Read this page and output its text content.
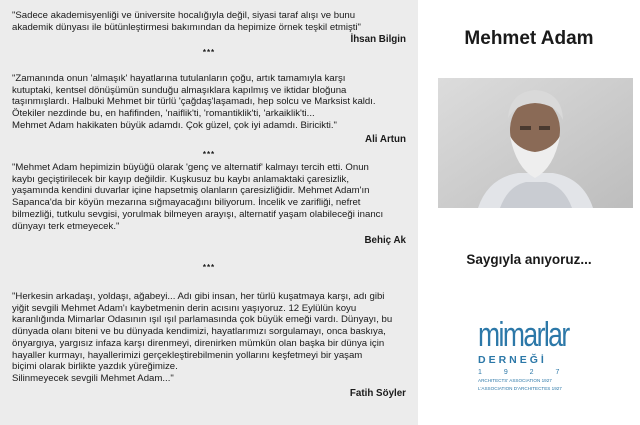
"Sadece akademisyenliği ve üniversite hocalığıyla değil, siyasi taraf alışı ve bunu
akademik dünyası ile bütünleştirmesi bakımından da hepimize örnek teşkil etmişti"
İhsan Bilgin
***
"Zamanında onun 'almaşık' hayatlarına tutulanların çoğu, artık tamamıyla karşı
kutuptaki, kentsel dönüşümün sunduğu almaşıklara kapılmış ve iktidar bloğuna
taşınmışlardı. Halbuki Mehmet bir türlü 'çağdaş'laşamadı, hep solcu ve Marksist kaldı.
Ötekiler nezdinde bu, en hafifinden, 'naiflik'ti, 'romantiklik'ti, 'arkaiklik'ti...
Mehmet Adam hakikaten büyük adamdı. Çok güzel, çok iyi adamdı. Biricikti."
Ali Artun
***
"Mehmet Adam hepimizin büyüğü olarak 'genç ve alternatif' kalmayı tercih etti. Onun
kaybı geçiştirilecek bir kayıp değildir. Kuşkusuz bu kaybı anlamaktaki çaresizlik,
yaşamında kendini duvarlar içine hapsetmiş olanların çaresizliğidir. Mehmet Adam'ın
Sapanca'da bir köyün mezarına sığmayacağını biliyorum. İncelik ve zarifliği, nefret
bilmezliği, tutkulu sevgisi, yorulmak bilmeyen arayışı, alternatif yaşam olabileceği inancı
dünyayı terk etmeyecek."
Behiç Ak
***
"Herkesin arkadaşı, yoldaşı, ağabeyi... Adı gibi insan, her türlü kuşatmaya karşı, adı gibi
yiğit sevgili Mehmet Adam'ı kaybetmenin derin acısını yaşıyoruz. 12 Eylülün koyu
karanlığında Mimarlar Odasının ışıl ışıl parlamasında çok büyük emeği vardı. Dünyayı, bu
dünyada olanı biteni ve bu dünyada kendimizi, hayatlarımızı sorgulamayı, onca baskıya,
önyargıya, yargısız infaza karşı direnmeyi, direnirken mümkün olan başka bir dünya için
hayaller kurmayı, hayallerimizi gerçekleştirebilmenin yollarını keşfetmeyi bir yaşam
biçimi olarak birlikte yazdık yüreğimize.
Silinmeyecek sevgili Mehmet Adam..."
Fatih Söyler
Mehmet Adam
Saygıyla anıyoruz...
mimarlar
DERNEĞİ
1 9 2 7
ARCHITECTS' ASSOCIATION 1927
L'ASSOCIATION D'ARCHITECTES 1927
